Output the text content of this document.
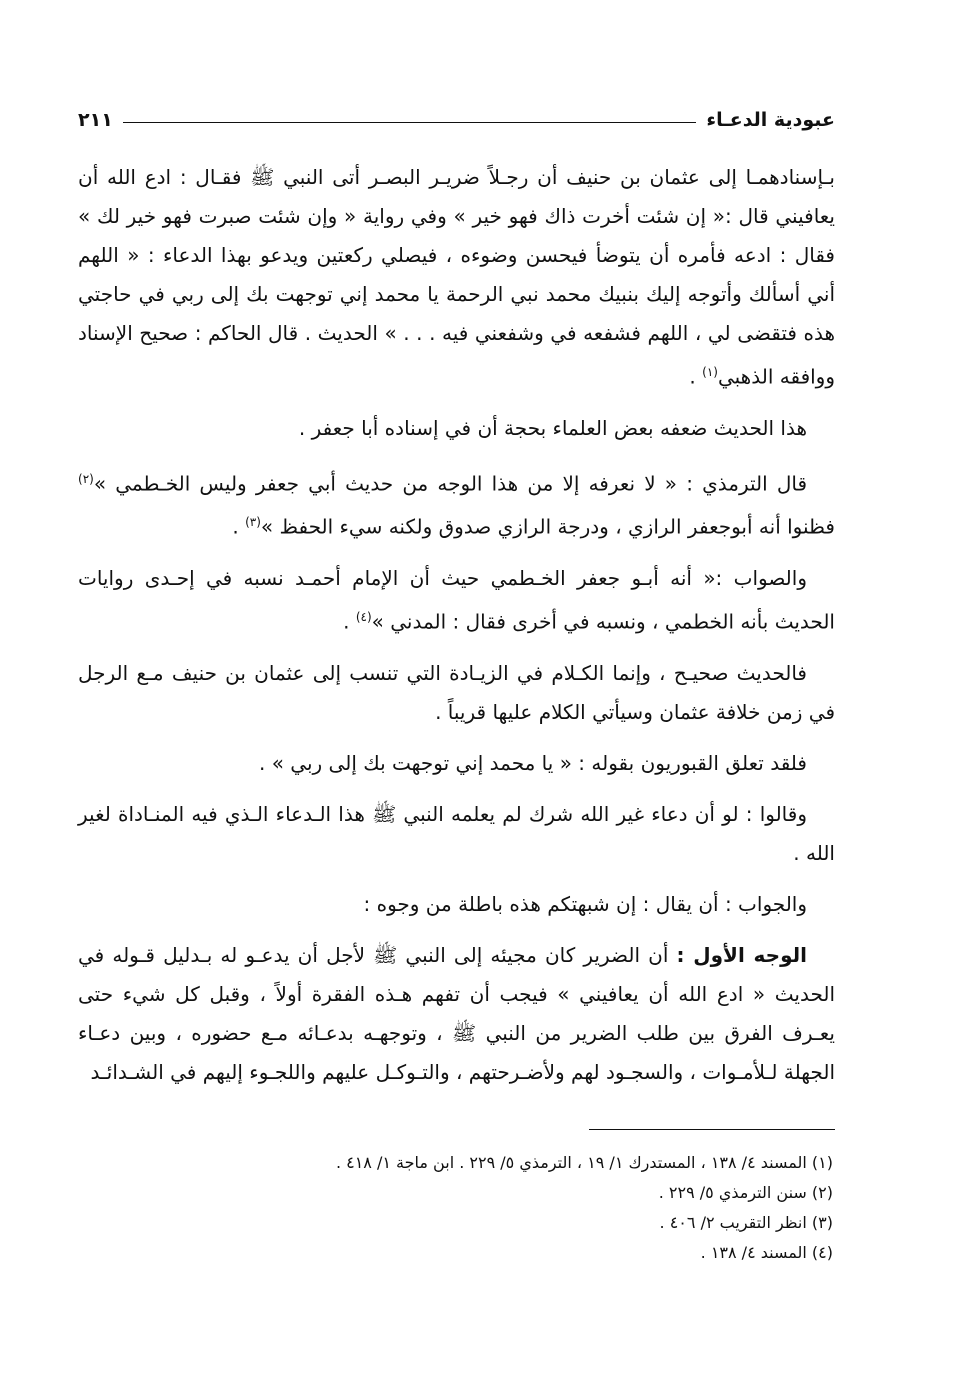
عبودية الدعـاء
٢١١

بـإسنادهمـا إلى عثمان بن حنيف أن رجـلاً ضريـر البصـر أتى النبي ﷺ فقـال : ادع الله أن يعافيني قال :« إن شئت أخرت ذاك فهو خير » وفي رواية « وإن شئت صبرت فهو خير لك » فقال : ادعه فأمره أن يتوضأ فيحسن وضوءه ، فيصلي ركعتين ويدعو بهذا الدعاء : « اللهم أني أسألك وأتوجه إليك بنبيك محمد نبي الرحمة يا محمد إني توجهت بك إلى ربي في حاجتي هذه فتقضى لي ، اللهم فشفعه في وشفعني فيه . . . » الحديث . قال الحاكم : صحيح الإسناد ووافقه الذهبي$^{(١)}$ .

هذا الحديث ضعفه بعض العلماء بحجة أن في إسناده أبا جعفر .

قال الترمذي : « لا نعرفه إلا من هذا الوجه من حديث أبي جعفر وليس الخـطمي »$^{(٢)}$ فظنوا أنه أبوجعفر الرازي ، ودرجة الرازي صدوق ولكنه سيء الحفظ »$^{(٣)}$ .

والصواب :« أنه أبـو جعفر الخـطمي حيث أن الإمام أحمـد نسبه في إحـدى روايات الحديث بأنه الخطمي ، ونسبه في أخرى فقال : المدني »$^{(٤)}$ .

فالحديث صحيـح ، وإنما الكـلام في الزيـادة التي تنسب إلى عثمان بن حنيف مـع الرجل في زمن خلافة عثمان وسيأتي الكلام عليها قريباً .

فلقد تعلق القبوريون بقوله : « يا محمد إني توجهت بك إلى ربي » .

وقالوا : لو أن دعاء غير الله شرك لم يعلمه النبي ﷺ هذا الـدعاء الـذي فيه المنـاداة لغير الله .

والجواب : أن يقال : إن شبهتكم هذه باطلة من وجوه :

الوجه الأول : أن الضرير كان مجيئه إلى النبي ﷺ لأجل أن يدعـو له بـدليل قـوله في الحديث « ادع الله أن يعافيني » فيجب أن تفهم هـذه الفقرة أولاً ، وقبل كل شيء حتى يعـرف الفرق بين طلب الضرير من النبي ﷺ ، وتوجهـه بدعـائه مـع حضوره ، وبين دعـاء الجهلة لـلأمـوات ، والسجـود لهم ولأضـرحتهم ، والتـوكـل عليهم واللجـوء إليهم في الشـدائـد

(١) المسند ٤/ ١٣٨ ، المستدرك ١/ ١٩ ، الترمذي ٥/ ٢٢٩ . ابن ماجة ١/ ٤١٨ .
(٢) سنن الترمذي ٥/ ٢٢٩ .
(٣) انظر التقريب ٢/ ٤٠٦ .
(٤) المسند ٤/ ١٣٨ .
